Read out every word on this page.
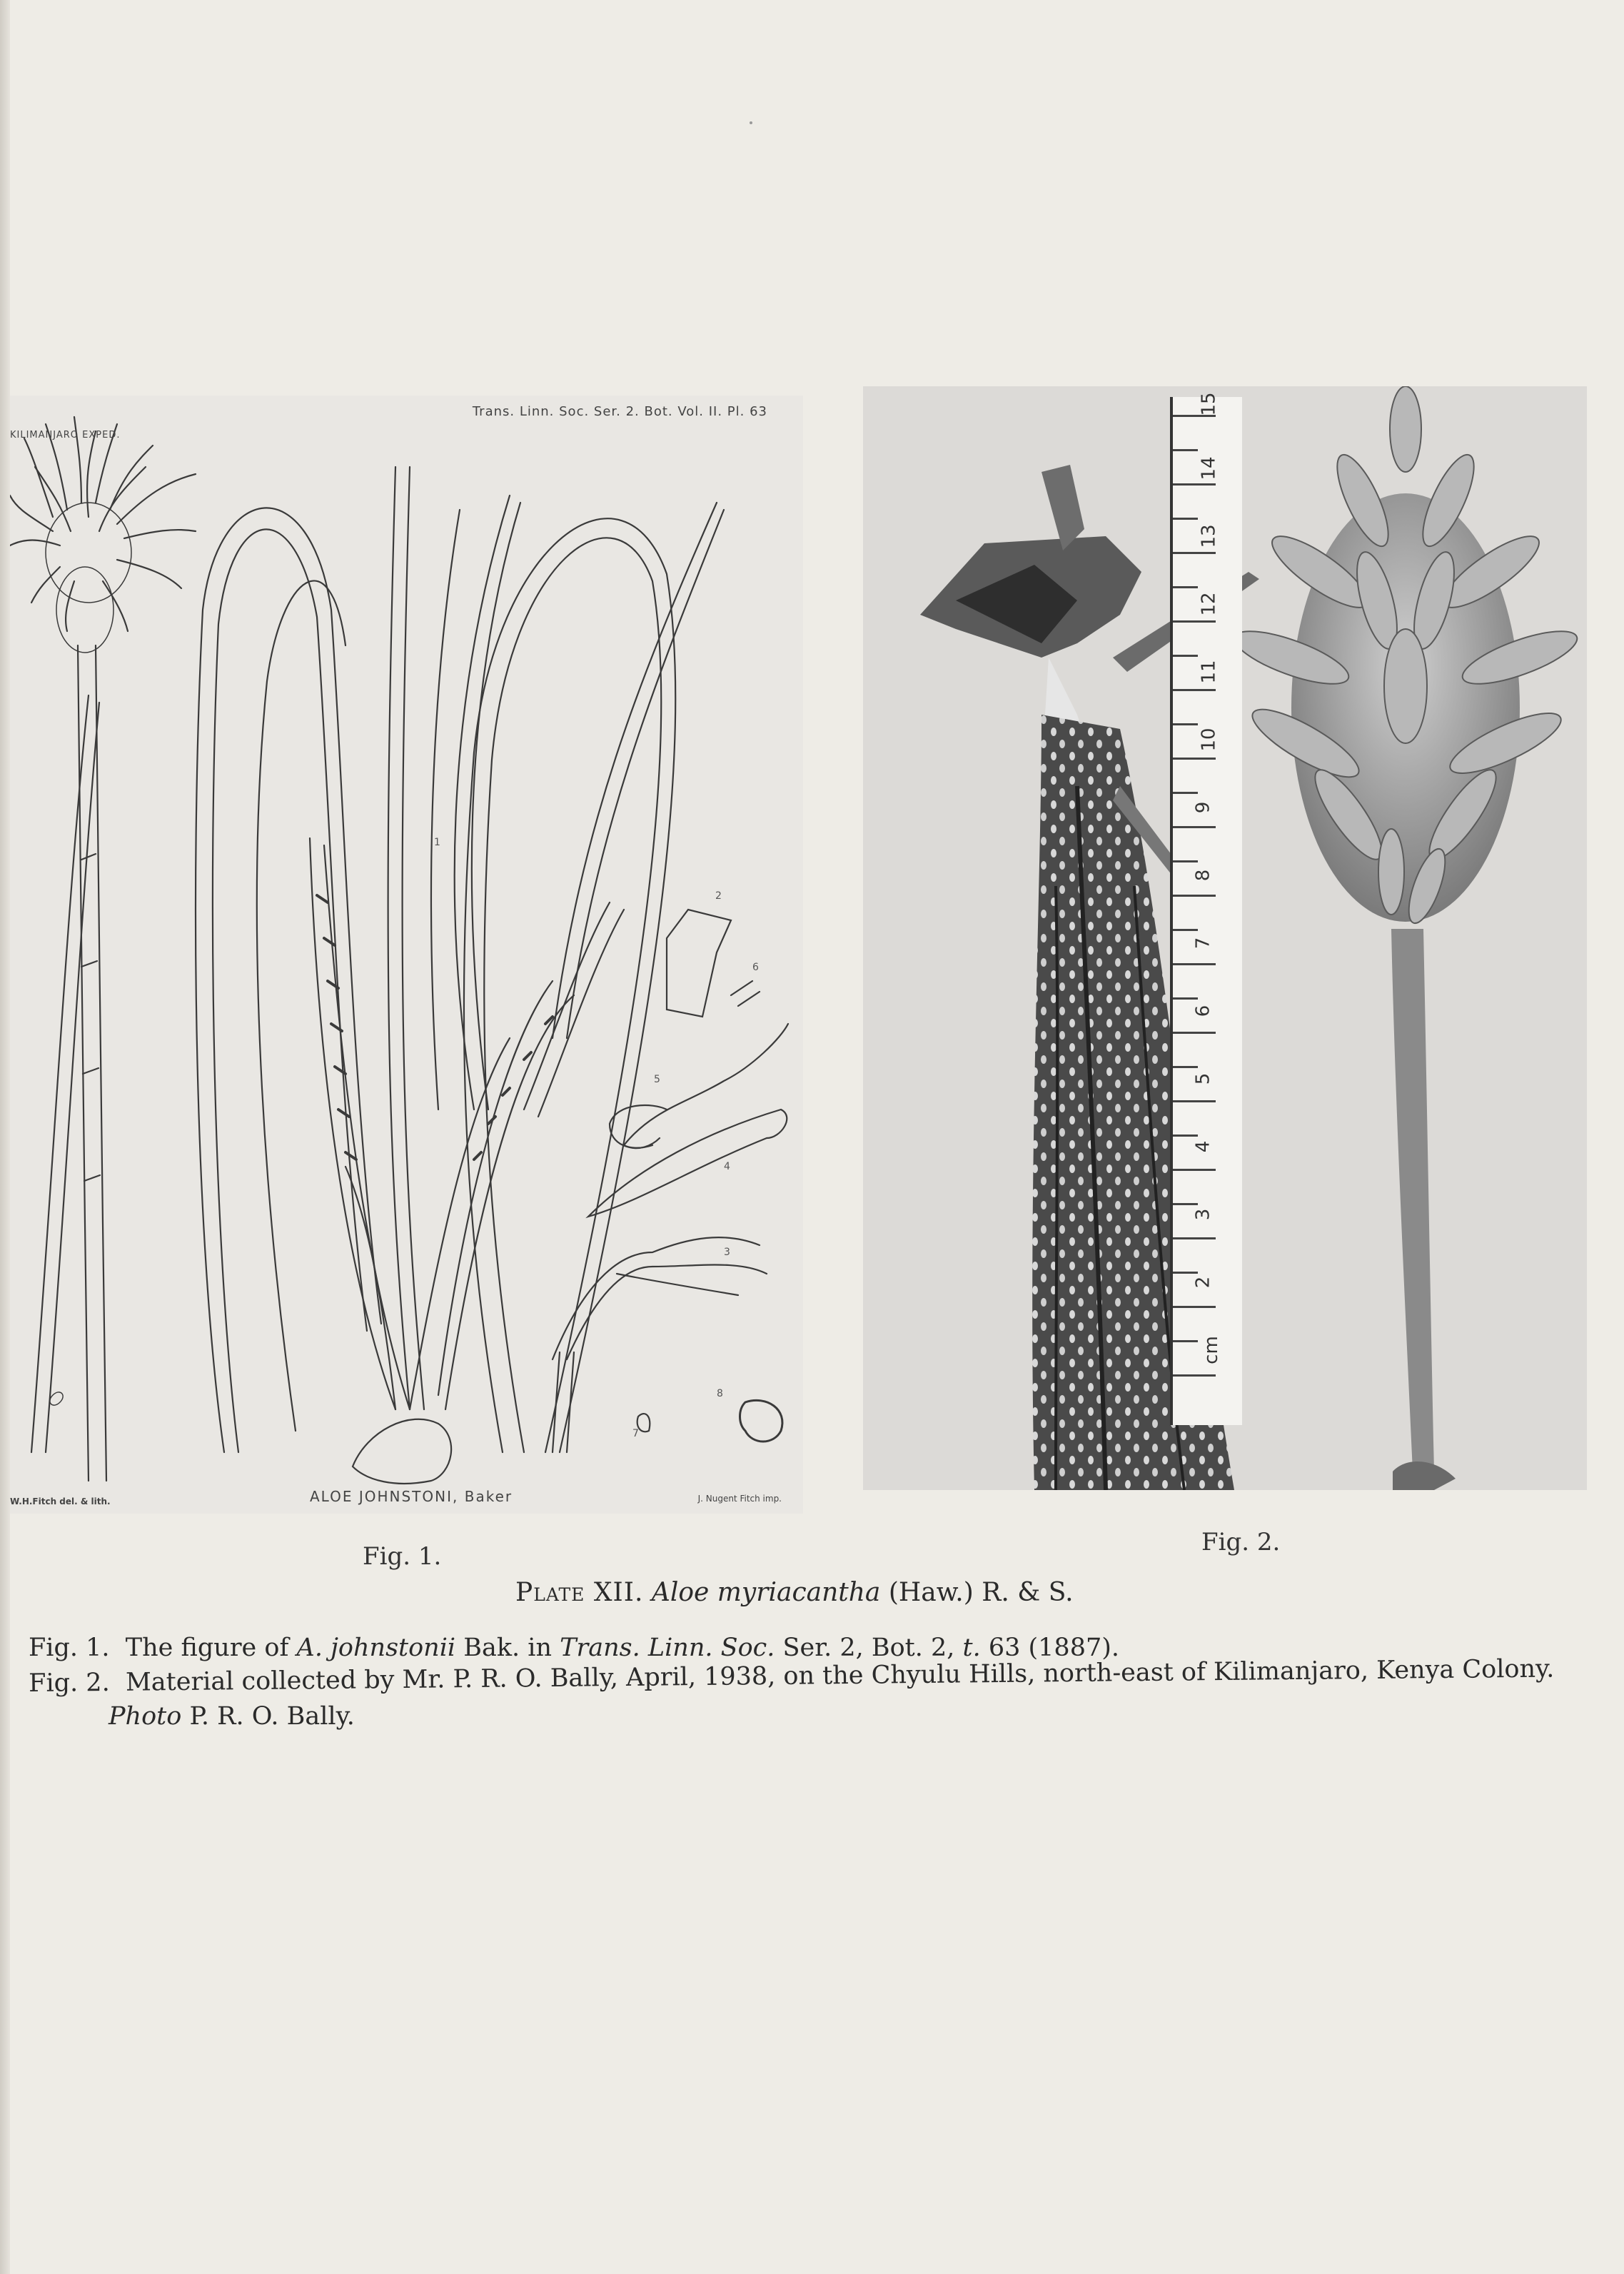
Trans. Linn. Soc. Ser. 2. Bot. Vol. II. Pl. 63
KILIMANJARO EXPED.
W.H.Fitch del. & lith.	ALOE JOHNSTONI, Baker	J. Nugent Fitch imp.
1
2
6
5
4
3
8
7
cm
2
3
4
5
6
7
8
9
10
11
12
13
14
15
Fig. 1.	Fig. 2.
Plate XII. Aloe myriacantha (Haw.) R. & S.
Fig. 1. The figure of A. johnstonii Bak. in Trans. Linn. Soc. Ser. 2, Bot. 2, t. 63 (1887).
Fig. 2. Material collected by Mr. P. R. O. Bally, April, 1938, on the Chyulu Hills, north-east of Kilimanjaro, Kenya Colony.
Photo P. R. O. Bally.
